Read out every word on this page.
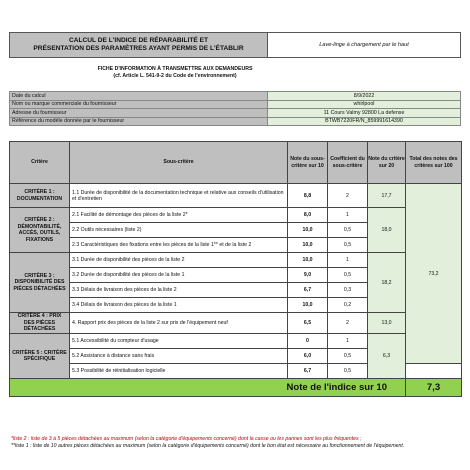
CALCUL DE L'INDICE DE RÉPARABILITÉ ET
PRÉSENTATION DES PARAMÈTRES AYANT PERMIS DE L'ÉTABLIR	Lave-linge à chargement par le haut
FICHE D'INFORMATION À TRANSMETTRE AUX DEMANDEURS
(cf. Article L. 541-9-2 du Code de l'environnement)
Date du calcul	8/9/2022
Nom ou marque commerciale du fournisseur	whirlpool
Adresse du fournisseur	11 Cours Valmy 92800 La defense
Référence du modèle donnée par le fournisseur	BTWB7220FR/N_859991614390
Critère	Sous-critère	Note du sous-critère sur 10	Coefficient du sous-critère	Note du critère sur 20	Total des notes des critères sur 100	

CRITÈRE 1 :
DOCUMENTATION	1.1 Durée de disponibilité de la documentation technique et relative aux conseils d'utilisation et d'entretien	8,8	2	17,7	73,2	

CRITÈRE 2 :
DÉMONTABILITÉ,
ACCÈS, OUTILS,
FIXATIONS	2.1 Facilité de démontage des pièces de la liste 2*	8,0	1	18,0		
	2.2 Outils nécessaires (liste 2)	10,0	0,5			
	2.3 Caractéristiques des fixations entre les pièces de la liste 1** et de la liste 2	10,0	0,5			

CRITÈRE 3 :
DISPONIBILITÉ DES
PIÈCES DÉTACHÉES	3.1 Durée de disponibilité des pièces de la liste 2	10,0	1	18,2		
	3.2 Durée de disponibilité des pièces de la liste 1	9,0	0,5			
	3.3 Délais de livraison des pièces de la liste 2	6,7	0,3			
	3.4 Délais de livraison des pièces de la liste 1	10,0	0,2			

CRITÈRE 4 : PRIX
DES PIÈCES
DÉTACHÉES	4. Rapport prix des pièces de la liste 2 sur prix de l'équipement neuf	6,5	2	13,0		

CRITÈRE 5 : CRITÈRE
SPÉCIFIQUE	5.1 Accessibilité du compteur d'usage	0	1	6,3		
	5.2 Assistance à distance sans frais	6,0	0,5			
	5.3 Possibilité de réinitialisation logicielle	6,7	0,5			
Note de l'indice sur 10					7,3	
*liste 2 : liste de 3 à 5 pièces détachées au maximum (selon la catégorie d'équipements concerné) dont la casse ou les pannes sont les plus fréquentes ;
**liste 1 : liste de 10 autres pièces détachées au maximum (selon la catégorie d'équipements concerné) dont le bon état est nécessaire au fonctionnement de l'équipement.
